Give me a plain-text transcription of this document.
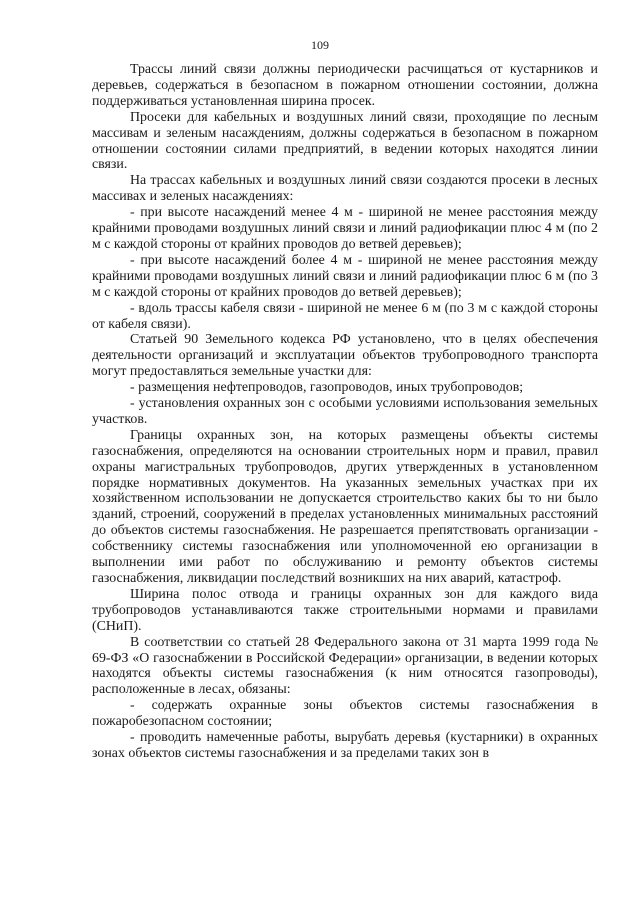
109

Трассы линий связи должны периодически расчищаться от кустарников и деревьев, содержаться в безопасном в пожарном отношении состоянии, должна поддерживаться установленная ширина просек.

Просеки для кабельных и воздушных линий связи, проходящие по лесным массивам и зеленым насаждениям, должны содержаться в безопасном в пожарном отношении состоянии силами предприятий, в ведении которых находятся линии связи.

На трассах кабельных и воздушных линий связи создаются просеки в лесных массивах и зеленых насаждениях:

- при высоте насаждений менее 4 м - шириной не менее расстояния между крайними проводами воздушных линий связи и линий радиофикации плюс 4 м (по 2 м с каждой стороны от крайних проводов до ветвей деревьев);

- при высоте насаждений более 4 м - шириной не менее расстояния между крайними проводами воздушных линий связи и линий радиофикации плюс 6 м (по 3 м с каждой стороны от крайних проводов до ветвей деревьев);

- вдоль трассы кабеля связи - шириной не менее 6 м (по 3 м с каждой стороны от кабеля связи).

Статьей 90 Земельного кодекса РФ установлено, что в целях обеспечения деятельности организаций и эксплуатации объектов трубопроводного транспорта могут предоставляться земельные участки для:

- размещения нефтепроводов, газопроводов, иных трубопроводов;

- установления охранных зон с особыми условиями использования земельных участков.

Границы охранных зон, на которых размещены объекты системы газоснабжения, определяются на основании строительных норм и правил, правил охраны магистральных трубопроводов, других утвержденных в установленном порядке нормативных документов. На указанных земельных участках при их хозяйственном использовании не допускается строительство каких бы то ни было зданий, строений, сооружений в пределах установленных минимальных расстояний до объектов системы газоснабжения. Не разрешается препятствовать организации - собственнику системы газоснабжения или уполномоченной ею организации в выполнении ими работ по обслуживанию и ремонту объектов системы газоснабжения, ликвидации последствий возникших на них аварий, катастроф.

Ширина полос отвода и границы охранных зон для каждого вида трубопроводов устанавливаются также строительными нормами и правилами (СНиП).

В соответствии со статьей 28 Федерального закона от 31 марта 1999 года № 69-ФЗ «О газоснабжении в Российской Федерации» организации, в ведении которых находятся объекты системы газоснабжения (к ним относятся газопроводы), расположенные в лесах, обязаны:

- содержать охранные зоны объектов системы газоснабжения в пожаробезопасном состоянии;

- проводить намеченные работы, вырубать деревья (кустарники) в охранных зонах объектов системы газоснабжения и за пределами таких зон в
